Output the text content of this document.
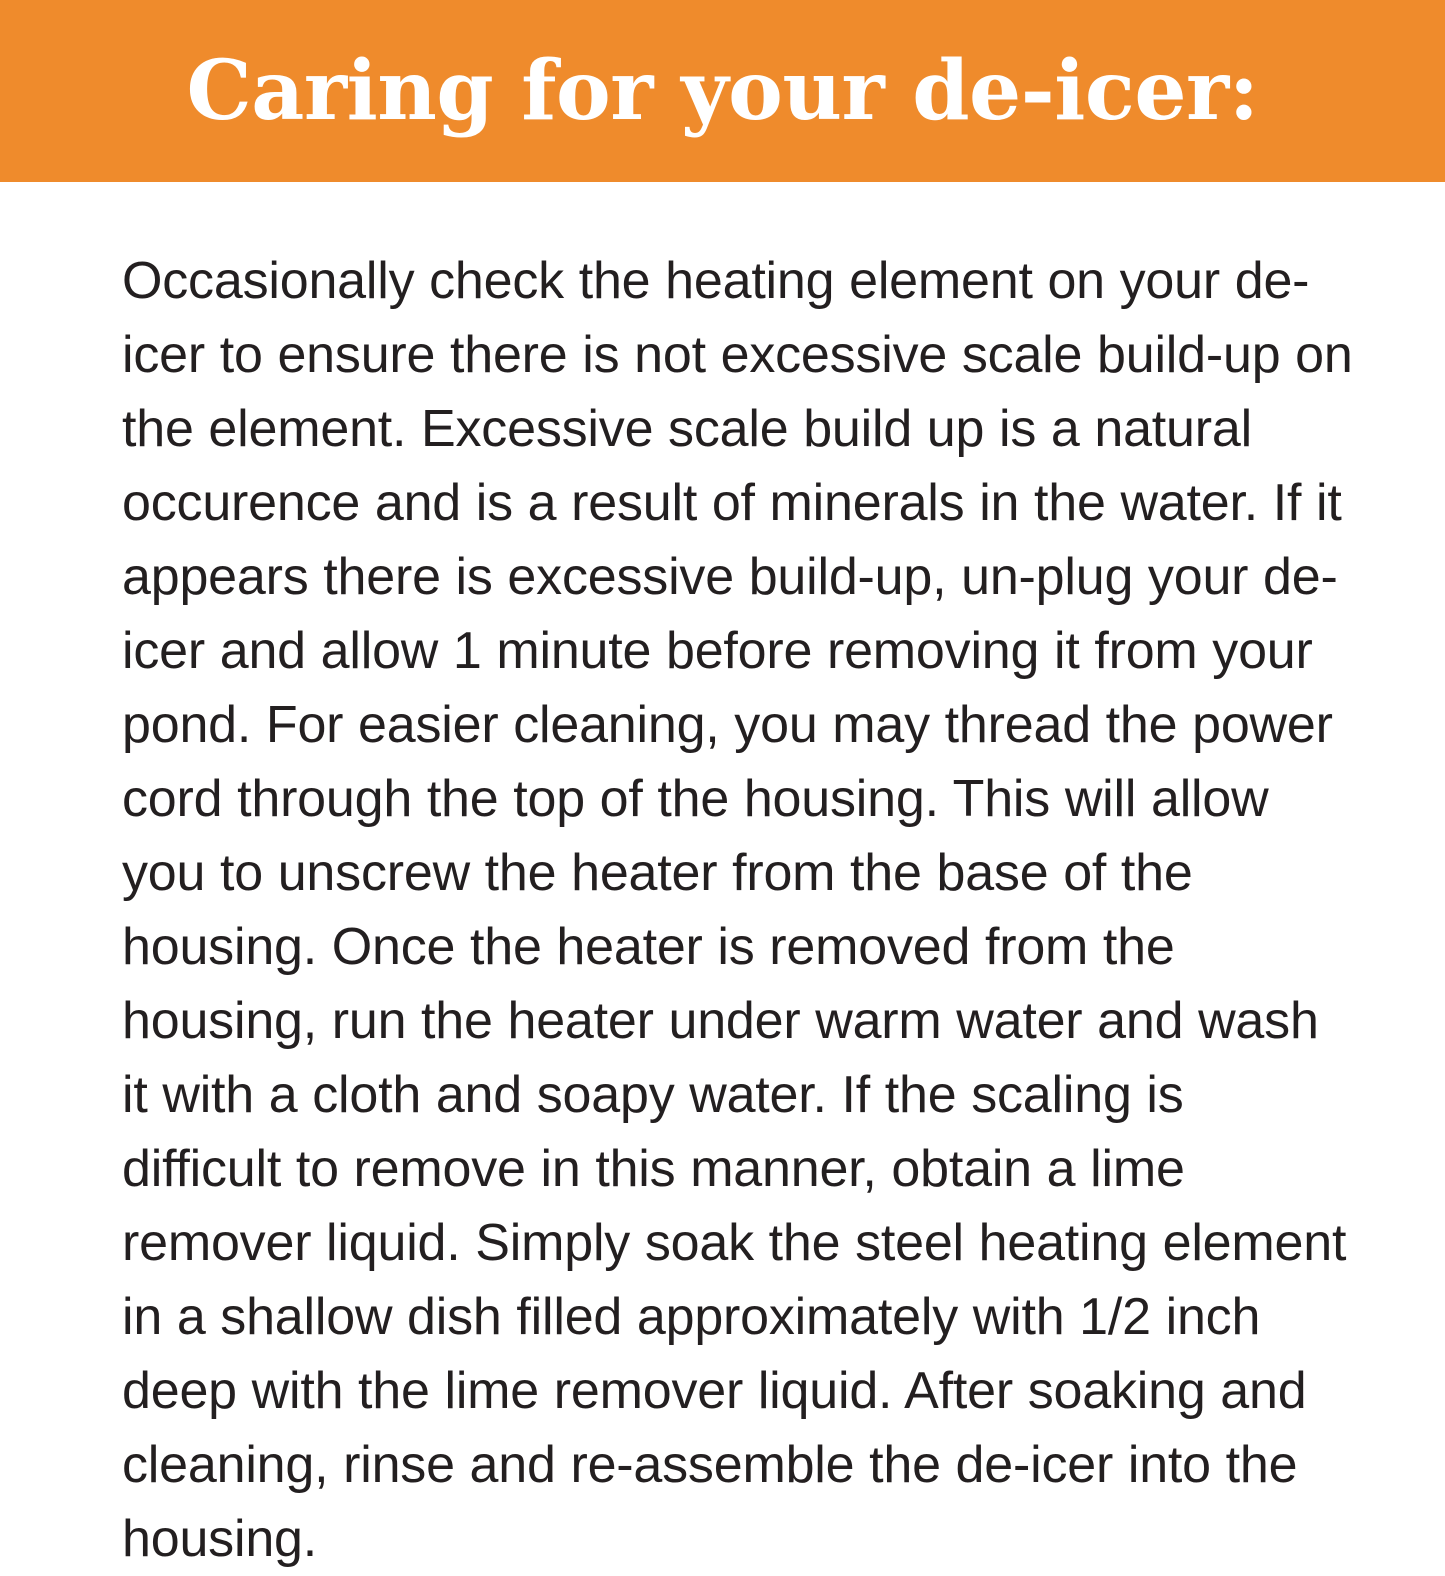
Caring for your de-icer:

Occasionally check the heating element on your de-icer to ensure there is not excessive scale build-up on the element. Excessive scale build up is a natural occurence and is a result of minerals in the water. If it appears there is excessive build-up, un-plug your de-icer and allow 1 minute before removing it from your pond. For easier cleaning, you may thread the power cord through the top of the housing. This will allow you to unscrew the heater from the base of the housing. Once the heater is removed from the housing, run the heater under warm water and wash it with a cloth and soapy water. If the scaling is difficult to remove in this manner, obtain a lime remover liquid. Simply soak the steel heating element in a shallow dish filled approximately with 1/2 inch deep with the lime remover liquid. After soaking and cleaning, rinse and re-assemble the de-icer into the housing.
